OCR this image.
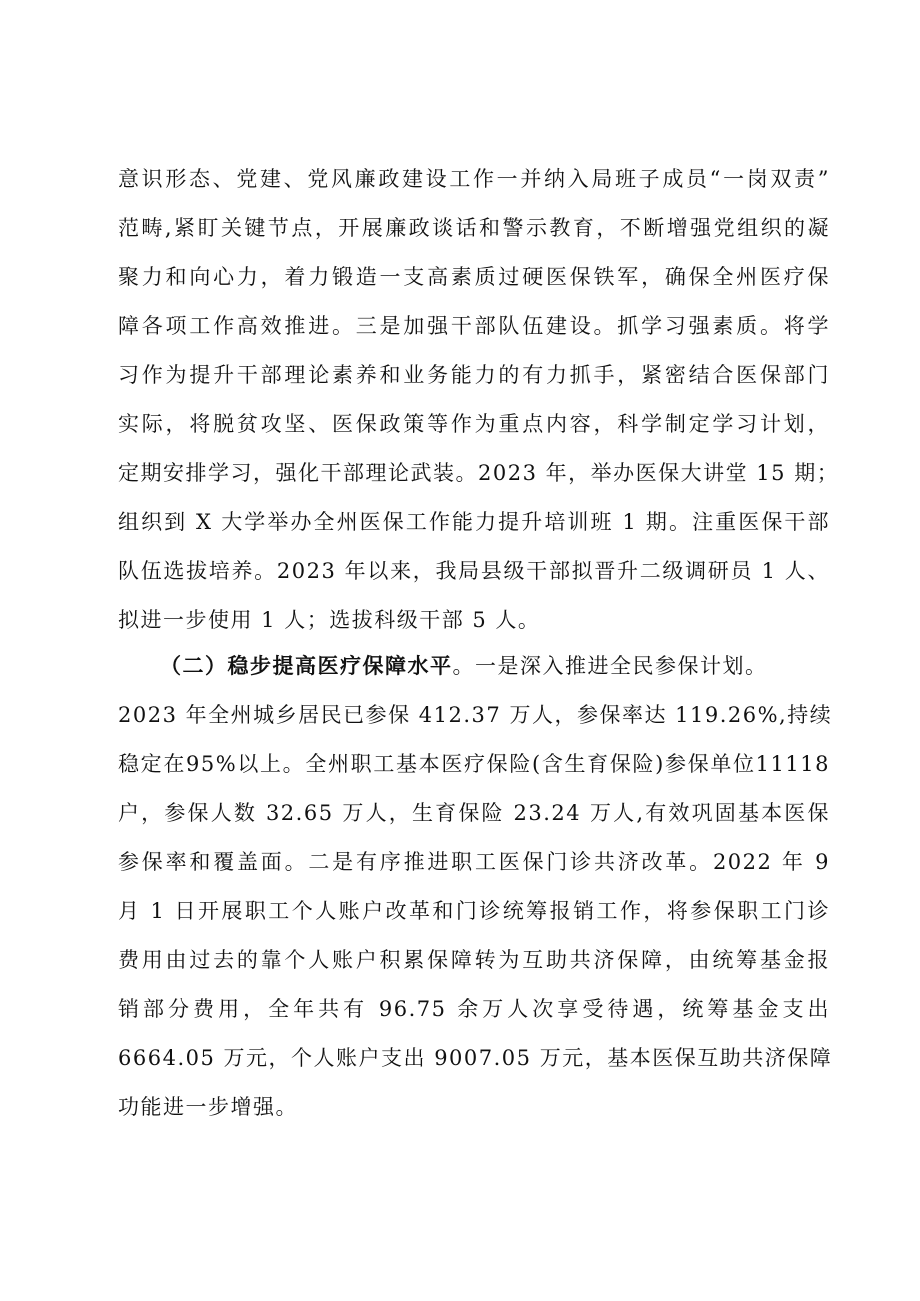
意识形态、党建、党风廉政建设工作一并纳入局班子成员“一岗双责”
范畴,紧盯关键节点，开展廉政谈话和警示教育，不断增强党组织的凝
聚力和向心力，着力锻造一支高素质过硬医保铁军，确保全州医疗保
障各项工作高效推进。三是加强干部队伍建设。抓学习强素质。将学
习作为提升干部理论素养和业务能力的有力抓手，紧密结合医保部门
实际，将脱贫攻坚、医保政策等作为重点内容，科学制定学习计划，
定期安排学习，强化干部理论武装。2023 年，举办医保大讲堂 15 期；
组织到 X 大学举办全州医保工作能力提升培训班 1 期。注重医保干部
队伍选拔培养。2023 年以来，我局县级干部拟晋升二级调研员 1 人、
拟进一步使用 1 人；选拔科级干部 5 人。
（二）稳步提高医疗保障水平。一是深入推进全民参保计划。
2023 年全州城乡居民已参保 412.37 万人，参保率达 119.26%,持续
稳定在95%以上。全州职工基本医疗保险(含生育保险)参保单位11118
户，参保人数 32.65 万人，生育保险 23.24 万人,有效巩固基本医保
参保率和覆盖面。二是有序推进职工医保门诊共济改革。2022 年 9
月 1 日开展职工个人账户改革和门诊统筹报销工作，将参保职工门诊
费用由过去的靠个人账户积累保障转为互助共济保障，由统筹基金报
销部分费用，全年共有 96.75 余万人次享受待遇，统筹基金支出
6664.05 万元，个人账户支出 9007.05 万元，基本医保互助共济保障
功能进一步增强。
